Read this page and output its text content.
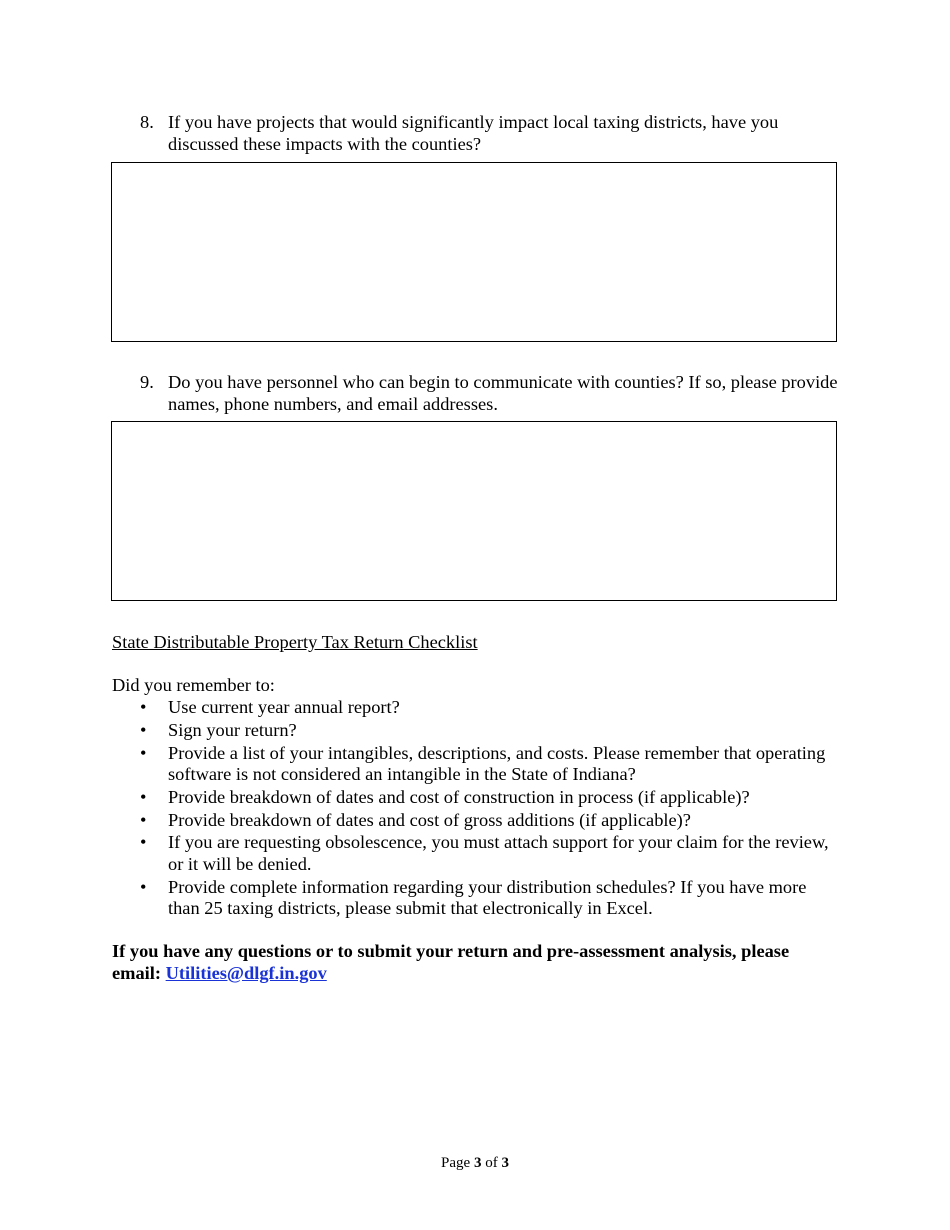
8. If you have projects that would significantly impact local taxing districts, have you discussed these impacts with the counties?
9. Do you have personnel who can begin to communicate with counties? If so, please provide names, phone numbers, and email addresses.
State Distributable Property Tax Return Checklist
Did you remember to:
• Use current year annual report?
• Sign your return?
• Provide a list of your intangibles, descriptions, and costs. Please remember that operating software is not considered an intangible in the State of Indiana?
• Provide breakdown of dates and cost of construction in process (if applicable)?
• Provide breakdown of dates and cost of gross additions (if applicable)?
• If you are requesting obsolescence, you must attach support for your claim for the review, or it will be denied.
• Provide complete information regarding your distribution schedules? If you have more than 25 taxing districts, please submit that electronically in Excel.
If you have any questions or to submit your return and pre-assessment analysis, please email: Utilities@dlgf.in.gov
Page 3 of 3
